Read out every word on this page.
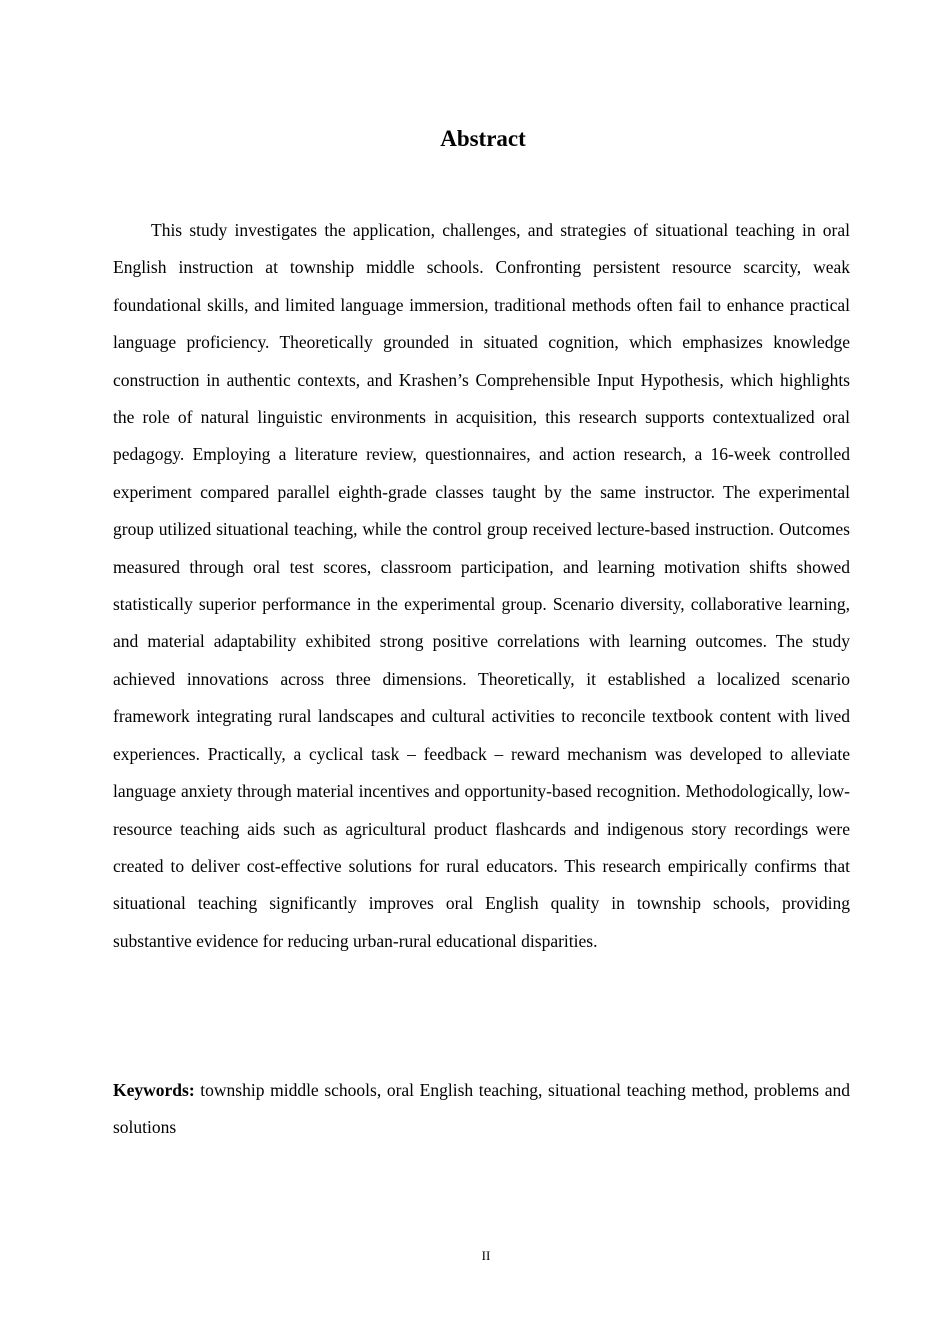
Abstract

This study investigates the application, challenges, and strategies of situational teaching in oral English instruction at township middle schools. Confronting persistent resource scarcity, weak foundational skills, and limited language immersion, traditional methods often fail to enhance practical language proficiency. Theoretically grounded in situated cognition, which emphasizes knowledge construction in authentic contexts, and Krashen’s Comprehensible Input Hypothesis, which highlights the role of natural linguistic environments in acquisition, this research supports contextualized oral pedagogy. Employing a literature review, questionnaires, and action research, a 16-week controlled experiment compared parallel eighth-grade classes taught by the same instructor. The experimental group utilized situational teaching, while the control group received lecture-based instruction. Outcomes measured through oral test scores, classroom participation, and learning motivation shifts showed statistically superior performance in the experimental group. Scenario diversity, collaborative learning, and material adaptability exhibited strong positive correlations with learning outcomes. The study achieved innovations across three dimensions. Theoretically, it established a localized scenario framework integrating rural landscapes and cultural activities to reconcile textbook content with lived experiences. Practically, a cyclical task – feedback – reward mechanism was developed to alleviate language anxiety through material incentives and opportunity-based recognition. Methodologically, low-resource teaching aids such as agricultural product flashcards and indigenous story recordings were created to deliver cost-effective solutions for rural educators. This research empirically confirms that situational teaching significantly improves oral English quality in township schools, providing substantive evidence for reducing urban-rural educational disparities.

Keywords: township middle schools, oral English teaching, situational teaching method, problems and solutions

II
